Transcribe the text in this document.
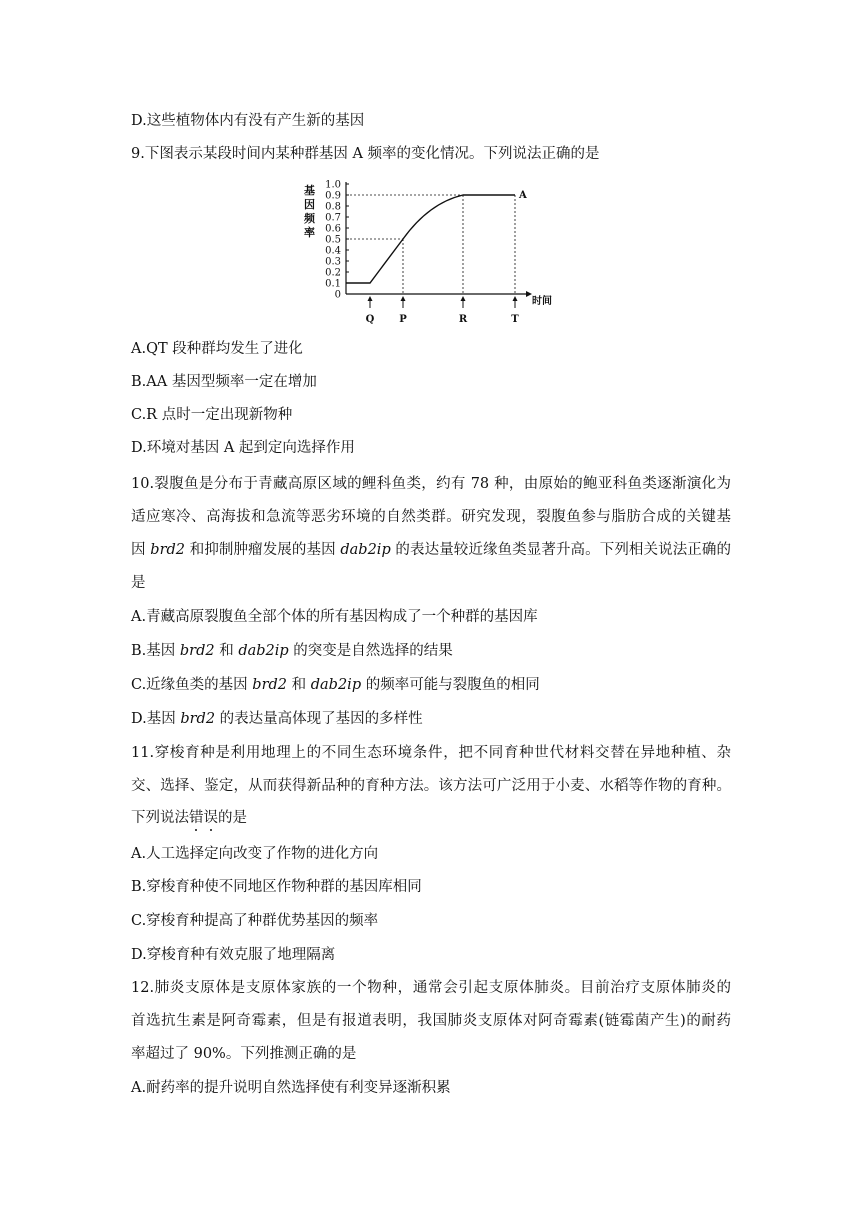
D.这些植物体内有没有产生新的基因
9.下图表示某段时间内某种群基因 A 频率的变化情况。下列说法正确的是
基
因
频
率
0
0.1
0.2
0.3
0.4
0.5
0.6
0.7
0.8
0.9
1.0
时间
A
Q P	R	T
A.QT 段种群均发生了进化
B.AA 基因型频率一定在增加
C.R 点时一定出现新物种
D.环境对基因 A 起到定向选择作用
10.裂腹鱼是分布于青藏高原区域的鲤科鱼类，约有 78 种，由原始的鲍亚科鱼类逐渐演化为
适应寒冷、高海拔和急流等恶劣环境的自然类群。研究发现，裂腹鱼参与脂肪合成的关键基
因 brd2 和抑制肿瘤发展的基因 dab2ip 的表达量较近缘鱼类显著升高。下列相关说法正确的
是
A.青藏高原裂腹鱼全部个体的所有基因构成了一个种群的基因库
B.基因 brd2 和 dab2ip 的突变是自然选择的结果
C.近缘鱼类的基因 brd2 和 dab2ip 的频率可能与裂腹鱼的相同
D.基因 brd2 的表达量高体现了基因的多样性
11.穿梭育种是利用地理上的不同生态环境条件，把不同育种世代材料交替在异地种植、杂
交、选择、鉴定，从而获得新品种的育种方法。该方法可广泛用于小麦、水稻等作物的育种。
下列说法错误的是
A.人工选择定向改变了作物的进化方向
B.穿梭育种使不同地区作物种群的基因库相同
C.穿梭育种提高了种群优势基因的频率
D.穿梭育种有效克服了地理隔离
12.肺炎支原体是支原体家族的一个物种，通常会引起支原体肺炎。目前治疗支原体肺炎的
首选抗生素是阿奇霉素，但是有报道表明，我国肺炎支原体对阿奇霉素(链霉菌产生)的耐药
率超过了 90%。下列推测正确的是
A.耐药率的提升说明自然选择使有利变异逐渐积累
